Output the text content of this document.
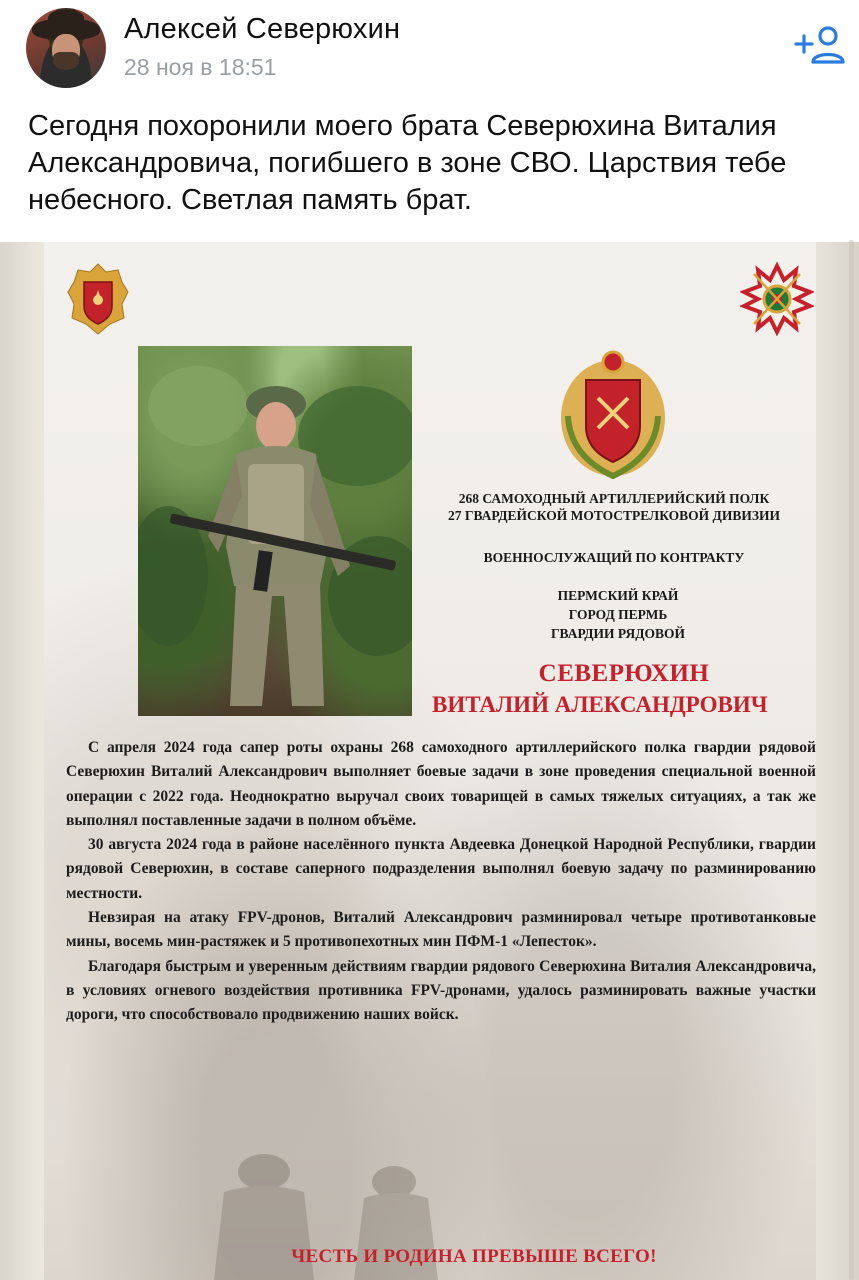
Алексей Северюхин
28 ноя в 18:51
Сегодня похоронили моего брата Северюхина Виталия Александровича, погибшего в зоне СВО. Царствия тебе небесного. Светлая память брат.
268 САМОХОДНЫЙ АРТИЛЛЕРИЙСКИЙ ПОЛК
27 ГВАРДЕЙСКОЙ МОТОСТРЕЛКОВОЙ ДИВИЗИИ
ВОЕННОСЛУЖАЩИЙ ПО КОНТРАКТУ
ПЕРМСКИЙ КРАЙ
ГОРОД ПЕРМЬ
ГВАРДИИ РЯДОВОЙ
СЕВЕРЮХИН
ВИТАЛИЙ АЛЕКСАНДРОВИЧ

С апреля 2024 года сапер роты охраны 268 самоходного артиллерийского полка гвардии рядовой Северюхин Виталий Александрович выполняет боевые задачи в зоне проведения специальной военной операции с 2022 года. Неоднократно выручал своих товарищей в самых тяжелых ситуациях, а так же выполнял поставленные задачи в полном объёме.

30 августа 2024 года в районе населённого пункта Авдеевка Донецкой Народной Республики, гвардии рядовой Северюхин, в составе саперного подразделения выполнял боевую задачу по разминированию местности.

Невзирая на атаку FPV-дронов, Виталий Александрович разминировал четыре противотанковые мины, восемь мин-растяжек и 5 противопехотных мин ПФМ-1 «Лепесток».

Благодаря быстрым и уверенным действиям гвардии рядового Северюхина Виталия Александровича, в условиях огневого воздействия противника FPV-дронами, удалось разминировать важные участки дороги, что способствовало продвижению наших войск.

ЧЕСТЬ И РОДИНА ПРЕВЫШЕ ВСЕГО!
